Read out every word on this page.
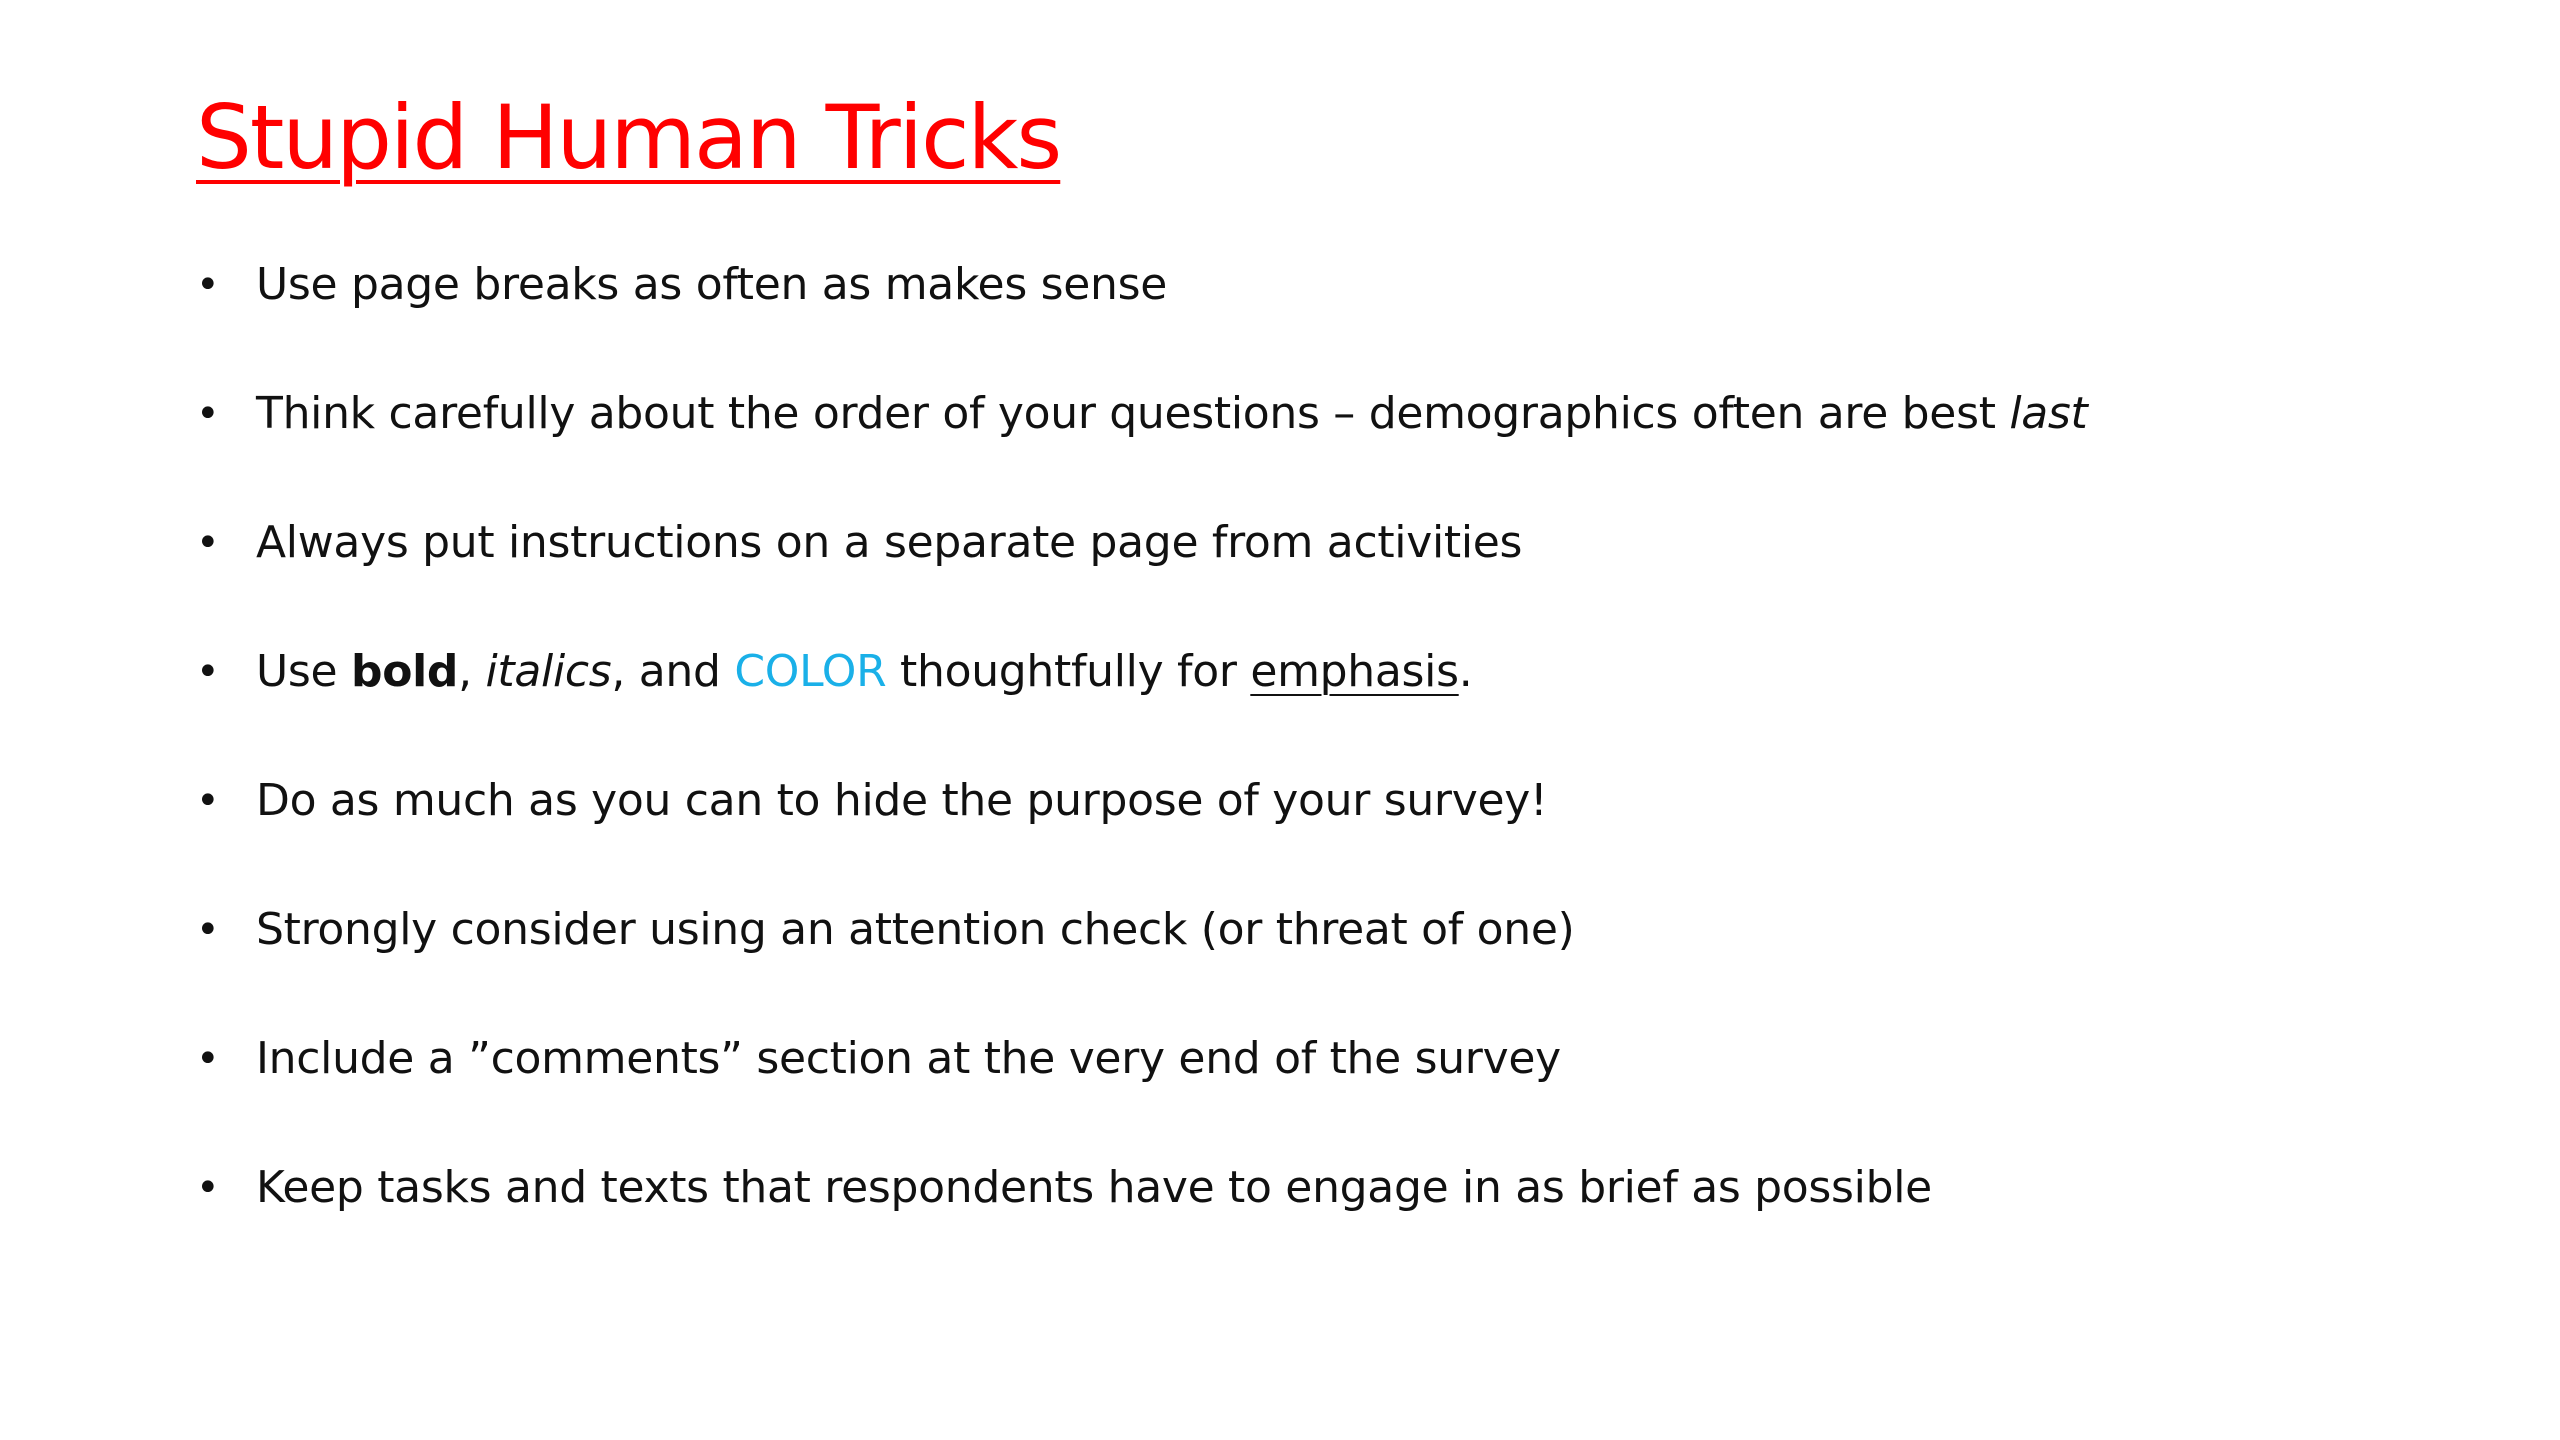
Stupid Human Tricks
• Use page breaks as often as makes sense
• Think carefully about the order of your questions – demographics often are best last
• Always put instructions on a separate page from activities
• Use bold, italics, and COLOR thoughtfully for emphasis.
• Do as much as you can to hide the purpose of your survey!
• Strongly consider using an attention check (or threat of one)
• Include a ”comments” section at the very end of the survey
• Keep tasks and texts that respondents have to engage in as brief as possible
